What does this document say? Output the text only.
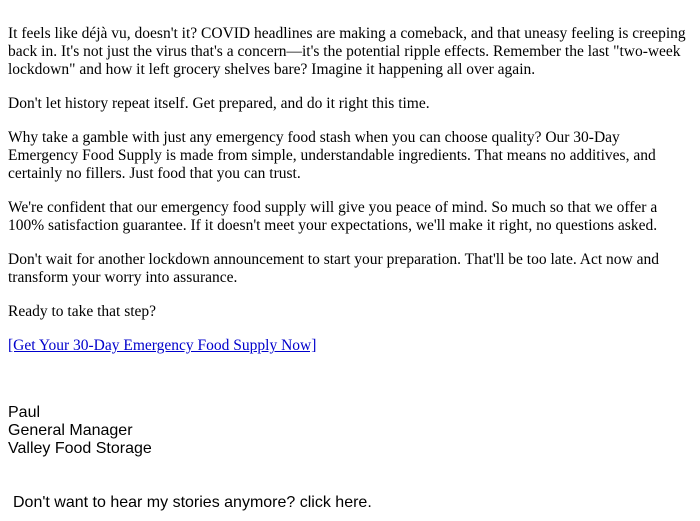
It feels like déjà vu, doesn't it? COVID headlines are making a comeback, and that uneasy feeling is creeping back in. It's not just the virus that's a concern—it's the potential ripple effects. Remember the last "two-week lockdown" and how it left grocery shelves bare? Imagine it happening all over again.

Don't let history repeat itself. Get prepared, and do it right this time.

Why take a gamble with just any emergency food stash when you can choose quality? Our 30-Day Emergency Food Supply is made from simple, understandable ingredients. That means no additives, and certainly no fillers. Just food that you can trust.

We're confident that our emergency food supply will give you peace of mind. So much so that we offer a 100% satisfaction guarantee. If it doesn't meet your expectations, we'll make it right, no questions asked.

Don't wait for another lockdown announcement to start your preparation. That'll be too late. Act now and transform your worry into assurance.

Ready to take that step?

[Get Your 30-Day Emergency Food Supply Now]

Paul
General Manager
Valley Food Storage
Don't want to hear my stories anymore? click here.
